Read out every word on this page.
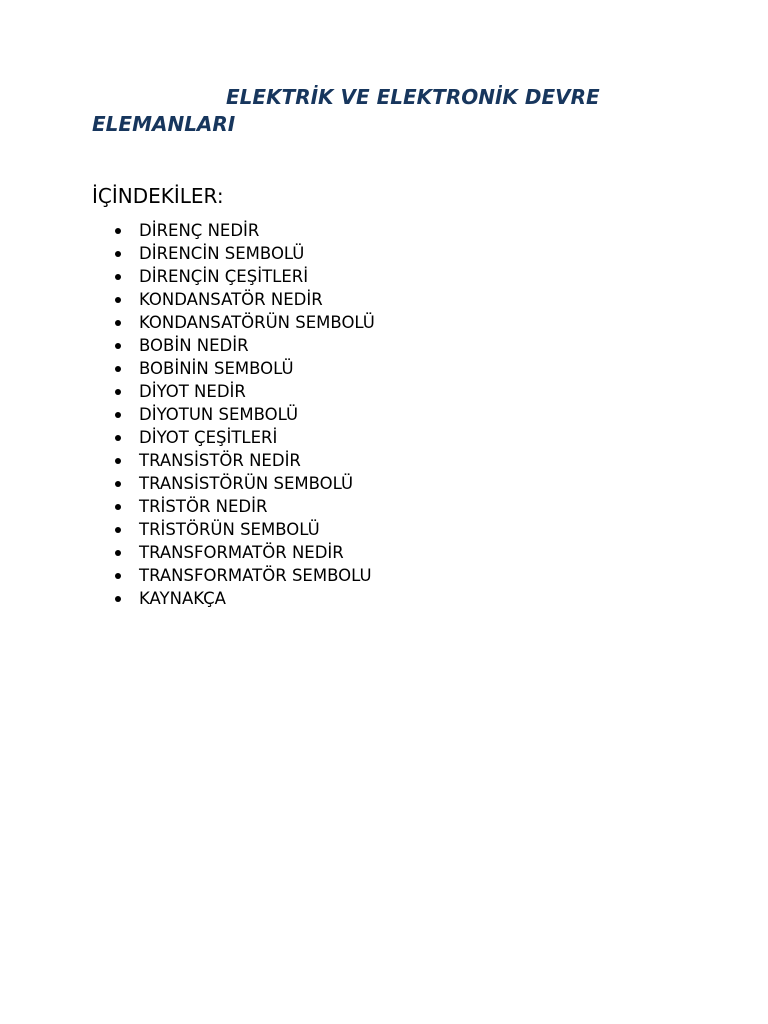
ELEKTRİK VE ELEKTRONİK DEVRE ELEMANLARI
İÇİNDEKİLER:
DİRENÇ NEDİR
DİRENCİN SEMBOLÜ
DİRENÇİN ÇEŞİTLERİ
KONDANSATÖR NEDİR
KONDANSATÖRÜN SEMBOLÜ
BOBİN NEDİR
BOBİNİN SEMBOLÜ
DİYOT NEDİR
DİYOTUN SEMBOLÜ
DİYOT ÇEŞİTLERİ
TRANSİSTÖR NEDİR
TRANSİSTÖRÜN SEMBOLÜ
TRİSTÖR NEDİR
TRİSTÖRÜN SEMBOLÜ
TRANSFORMATÖR NEDİR
TRANSFORMATÖR SEMBOLU
KAYNAKÇA
